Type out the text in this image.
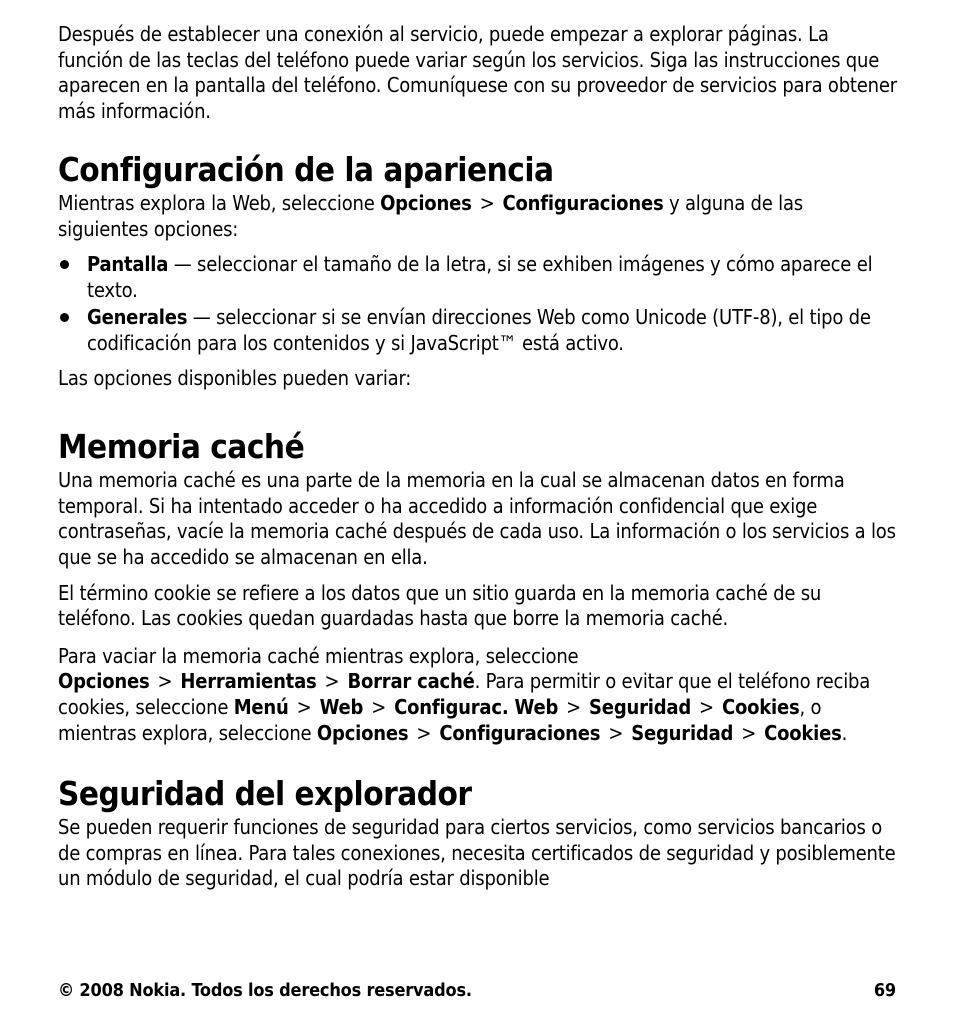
Después de establecer una conexión al servicio, puede empezar a explorar páginas. La función de las teclas del teléfono puede variar según los servicios. Siga las instrucciones que aparecen en la pantalla del teléfono. Comuníquese con su proveedor de servicios para obtener más información.

Configuración de la apariencia

Mientras explora la Web, seleccione Opciones > Configuraciones y alguna de las siguientes opciones:

Pantalla — seleccionar el tamaño de la letra, si se exhiben imágenes y cómo aparece el texto.
Generales — seleccionar si se envían direcciones Web como Unicode (UTF-8), el tipo de codificación para los contenidos y si JavaScript™ está activo.

Las opciones disponibles pueden variar:

Memoria caché

Una memoria caché es una parte de la memoria en la cual se almacenan datos en forma temporal. Si ha intentado acceder o ha accedido a información confidencial que exige contraseñas, vacíe la memoria caché después de cada uso. La información o los servicios a los que se ha accedido se almacenan en ella.

El término cookie se refiere a los datos que un sitio guarda en la memoria caché de su teléfono. Las cookies quedan guardadas hasta que borre la memoria caché.

Para vaciar la memoria caché mientras explora, seleccione Opciones > Herramientas > Borrar caché. Para permitir o evitar que el teléfono reciba cookies, seleccione Menú > Web > Configurac. Web > Seguridad > Cookies, o mientras explora, seleccione Opciones > Configuraciones > Seguridad > Cookies.

Seguridad del explorador

Se pueden requerir funciones de seguridad para ciertos servicios, como servicios bancarios o de compras en línea. Para tales conexiones, necesita certificados de seguridad y posiblemente un módulo de seguridad, el cual podría estar disponible

© 2008 Nokia. Todos los derechos reservados.	69
